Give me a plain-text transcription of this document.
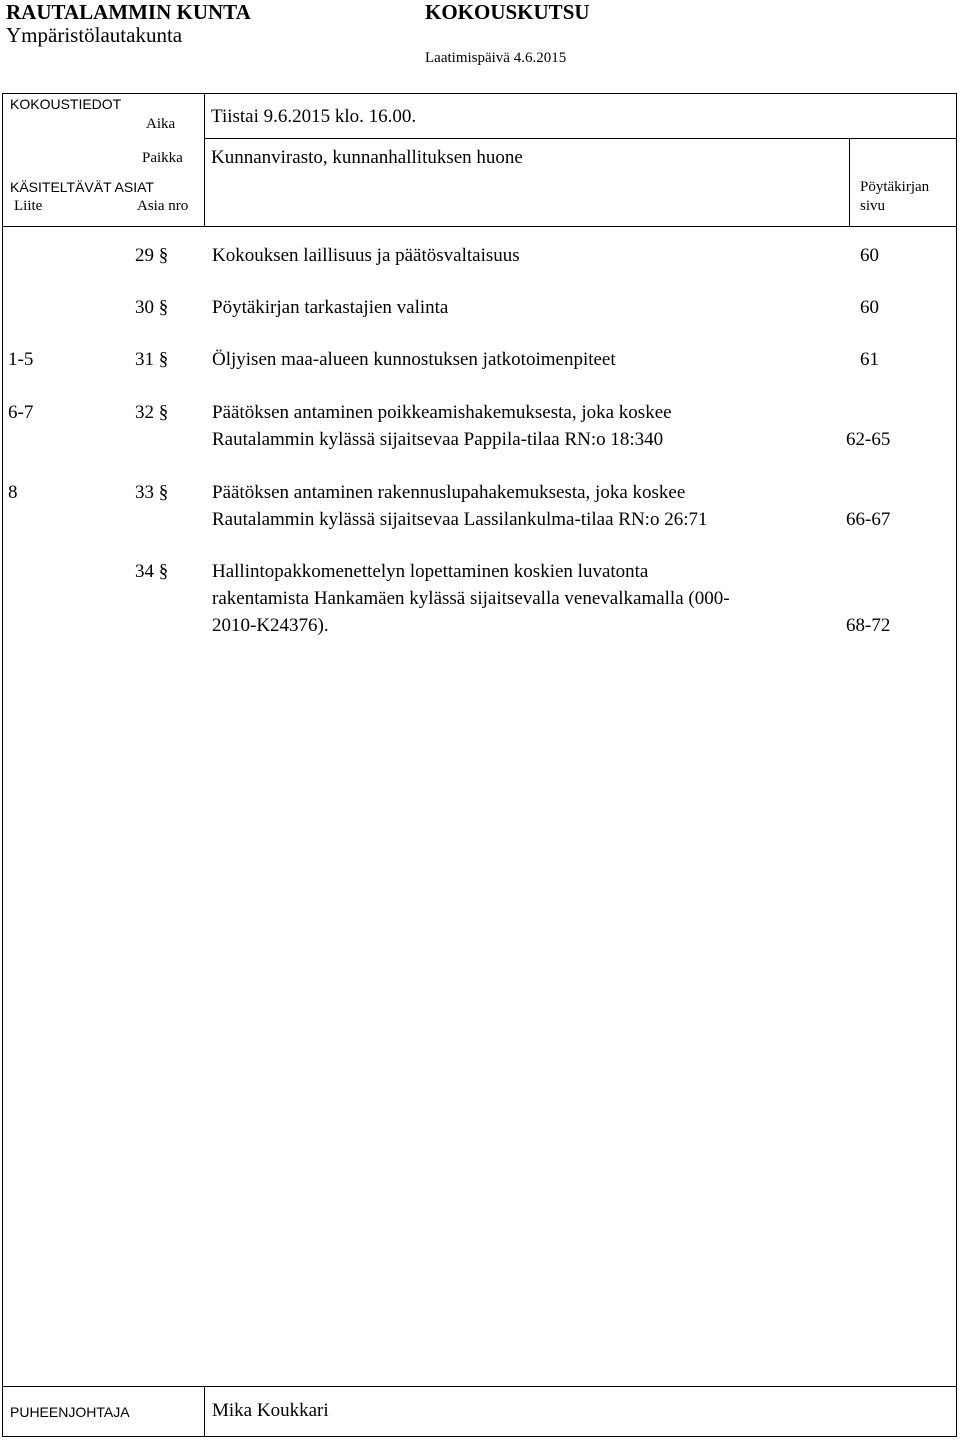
RAUTALAMMIN KUNTA
Ympäristölautakunta
KOKOUSKUTSU
Laatimispäivä 4.6.2015
KOKOUSTIEDOT
Aika Tiistai 9.6.2015 klo. 16.00.
Paikka Kunnanvirasto, kunnanhallituksen huone
KÄSITELTÄVÄT ASIAT
Liite	Asia nro
Pöytäkirjan
sivu
29 § Kokouksen laillisuus ja päätösvaltaisuus	60
30 § Pöytäkirjan tarkastajien valinta	60
1-5	31 § Öljyisen maa-alueen kunnostuksen jatkotoimenpiteet	61
6-7	32 § Päätöksen antaminen poikkeamishakemuksesta, joka koskee
Rautalammin kylässä sijaitsevaa Pappila-tilaa RN:o 18:340	62-65
8	33 § Päätöksen antaminen rakennuslupahakemuksesta, joka koskee
Rautalammin kylässä sijaitsevaa Lassilankulma-tilaa RN:o 26:71	66-67
34 § Hallintopakkomenettelyn lopettaminen koskien luvatonta
rakentamista Hankamäen kylässä sijaitsevalla venevalkamalla (000-
2010-K24376).	68-72
PUHEENJOHTAJA	Mika Koukkari
